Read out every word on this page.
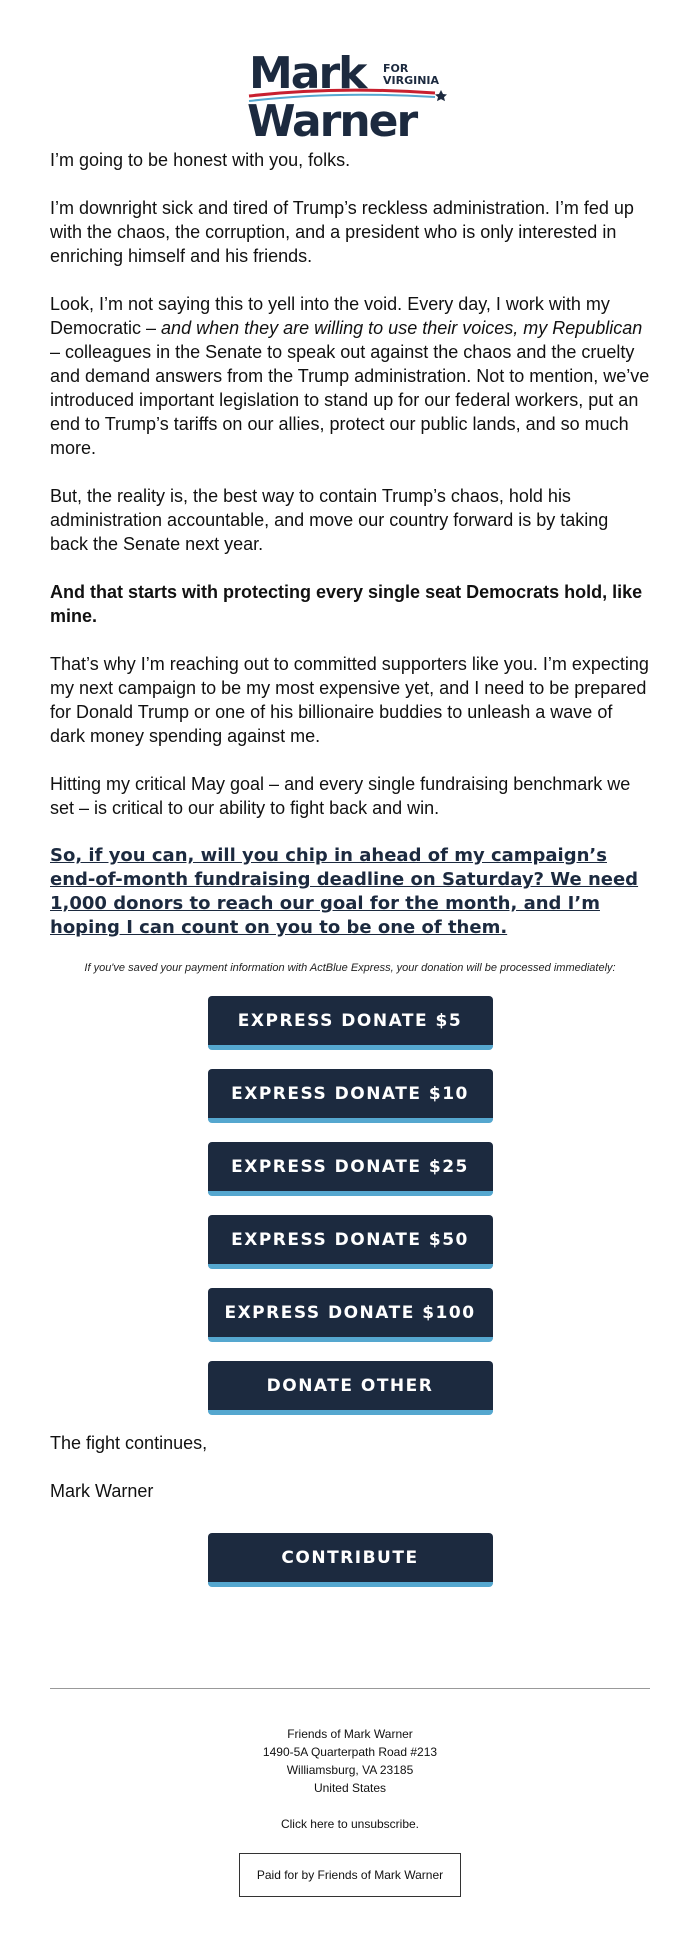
Mark	FOR
VIRGINIA
Warner

I’m going to be honest with you, folks.

I’m downright sick and tired of Trump’s reckless administration. I’m fed up with the chaos, the corruption, and a president who is only interested in enriching himself and his friends.

Look, I’m not saying this to yell into the void. Every day, I work with my Democratic – and when they are willing to use their voices, my Republican – colleagues in the Senate to speak out against the chaos and the cruelty and demand answers from the Trump administration. Not to mention, we’ve introduced important legislation to stand up for our federal workers, put an end to Trump’s tariffs on our allies, protect our public lands, and so much more.

But, the reality is, the best way to contain Trump’s chaos, hold his administration accountable, and move our country forward is by taking back the Senate next year.

And that starts with protecting every single seat Democrats hold, like mine.

That’s why I’m reaching out to committed supporters like you. I’m expecting my next campaign to be my most expensive yet, and I need to be prepared for Donald Trump or one of his billionaire buddies to unleash a wave of dark money spending against me.

Hitting my critical May goal – and every single fundraising benchmark we set – is critical to our ability to fight back and win.

So, if you can, will you chip in ahead of my campaign’s end-of-month fundraising deadline on Saturday? We need 1,000 donors to reach our goal for the month, and I’m hoping I can count on you to be one of them.

If you've saved your payment information with ActBlue Express, your donation will be processed immediately:
EXPRESS DONATE $5
EXPRESS DONATE $10
EXPRESS DONATE $25
EXPRESS DONATE $50
EXPRESS DONATE $100
DONATE OTHER

The fight continues,

Mark Warner

CONTRIBUTE
Friends of Mark Warner
1490-5A Quarterpath Road #213
Williamsburg, VA 23185
United States
Click here to unsubscribe.
Paid for by Friends of Mark Warner
